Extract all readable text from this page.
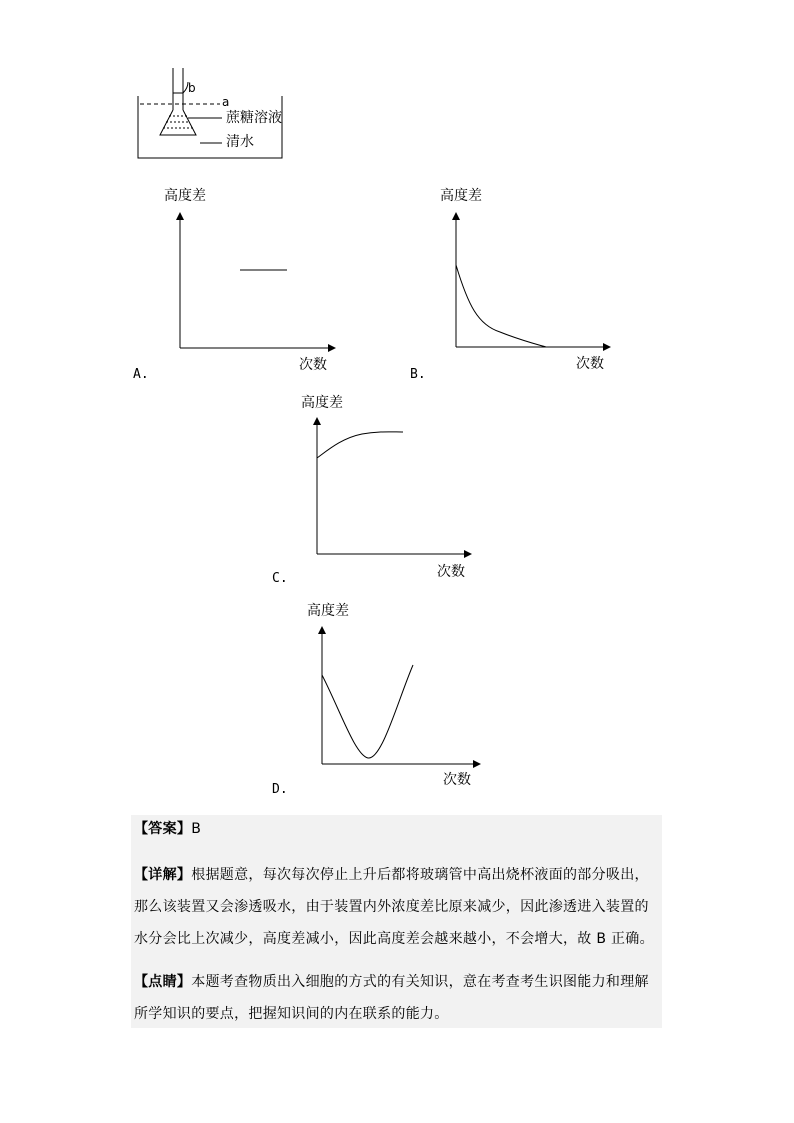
b
a
蔗糖溶液
清水
高度差
次数
A.
高度差
次数
B.
高度差
次数
C.
高度差
次数
D.
【答案】B
【详解】根据题意，每次每次停止上升后都将玻璃管中高出烧杯液面的部分吸出，那么该装置又会渗透吸水，由于装置内外浓度差比原来减少，因此渗透进入装置的水分会比上次减少，高度差减小，因此高度差会越来越小，不会增大，故 B 正确。
【点睛】本题考查物质出入细胞的方式的有关知识，意在考查考生识图能力和理解所学知识的要点，把握知识间的内在联系的能力。
